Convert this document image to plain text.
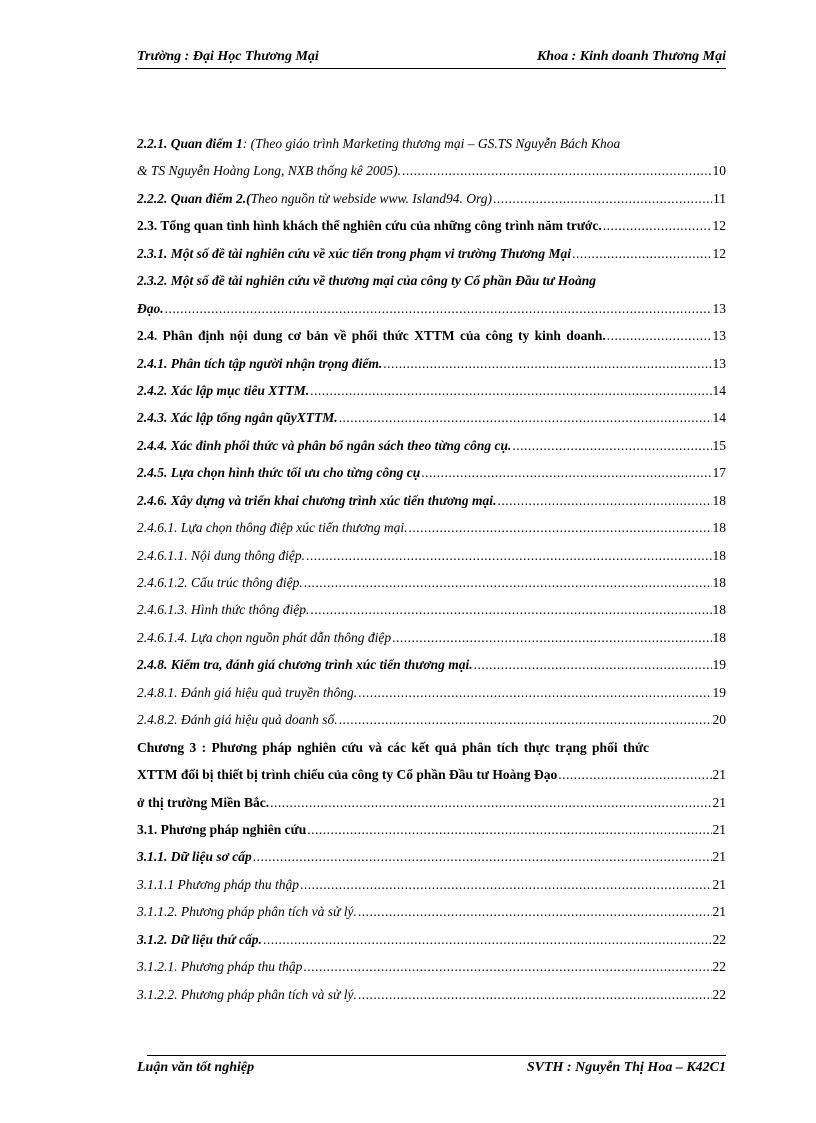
Trường : Đại Học Thương Mại	Khoa : Kinh doanh Thương Mại
2.2.1. Quan điểm 1: (Theo giáo trình Marketing thương mại – GS.TS Nguyễn Bách Khoa
& TS Nguyễn Hoàng Long, NXB thống kê 2005). .....	10
2.2.2. Quan điểm 2.(Theo nguồn từ webside www. Island94. Org) .....	11
2.3. Tổng quan tình hình khách thể nghiên cứu của những công trình năm trước. .....	12
2.3.1. Một số đề tài nghiên cứu về xúc tiến trong phạm vi trường Thương Mại .....	12
2.3.2. Một số đề tài nghiên cứu về thương mại của công ty Cổ phần Đầu tư Hoàng
Đạo. .....	13
2.4. Phân định nội dung cơ bản về phối thức XTTM của công ty kinh doanh. .....	13
2.4.1. Phân tích tập người nhận trọng điểm. .....	13
2.4.2. Xác lập mục tiêu XTTM. .....	14
2.4.3. Xác lập tổng ngân qũyXTTM. .....	14
2.4.4. Xác đinh phối thức và phân bổ ngân sách theo từng công cụ. .....	15
2.4.5. Lựa chọn hình thức tối ưu cho từng công cụ .....	17
2.4.6. Xây dựng và triển khai chương trình xúc tiến thương mại. .....	18
2.4.6.1. Lựa chọn thông điệp xúc tiến thương mại. .....	18
2.4.6.1.1. Nội dung thông điệp. .....	18
2.4.6.1.2. Cấu trúc thông điệp. .....	18
2.4.6.1.3. Hình thức thông điệp. .....	18
2.4.6.1.4. Lựa chọn nguồn phát dẫn thông điệp .....	18
2.4.8. Kiểm tra, đánh giá chương trình xúc tiến thương mại. .....	19
2.4.8.1. Đánh giá hiệu quả truyền thông. .....	19
2.4.8.2. Đánh giá hiệu quả doanh số. .....	20
Chương 3 : Phương pháp nghiên cứu và các kết quả phân tích thực trạng phối thức
XTTM đối bị thiết bị trình chiếu của công ty Cổ phần Đầu tư Hoàng Đạo .....	21
ở thị trường Miền Bắc. .....	21
3.1. Phương pháp nghiên cứu .....	21
3.1.1. Dữ liệu sơ cấp .....	21
3.1.1.1 Phương pháp thu thập .....	21
3.1.1.2. Phương pháp phân tích và sử lý. .....	21
3.1.2. Dữ liệu thứ cấp. .....	22
3.1.2.1. Phương pháp thu thập .....	22
3.1.2.2. Phương pháp phân tích và sử lý. .....	22
Luận văn tốt nghiệp	SVTH : Nguyễn Thị Hoa – K42C1
